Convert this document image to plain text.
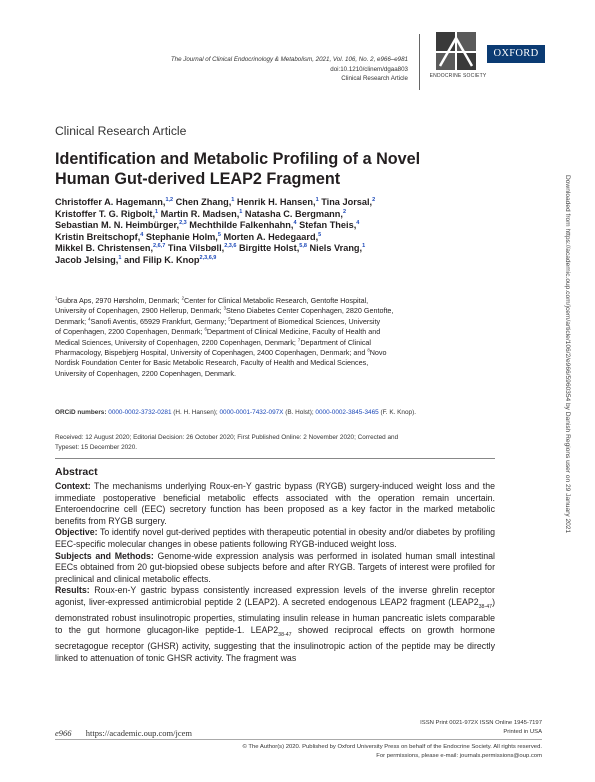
The Journal of Clinical Endocrinology & Metabolism, 2021, Vol. 106, No. 2, e966–e981
doi:10.1210/clinem/dgaa803
Clinical Research Article	ENDOCRINE SOCIETY
OXFORD
Clinical Research Article
Identification and Metabolic Profiling of a Novel
Human Gut-derived LEAP2 Fragment
Christoffer A. Hagemann,$^{1,2}$ Chen Zhang,$^1$ Henrik H. Hansen,$^1$ Tina Jorsal,$^2$
Kristoffer T. G. Rigbolt,$^1$ Martin R. Madsen,$^1$ Natasha C. Bergmann,$^2$
Sebastian M. N. Heimbürger,$^{2,3}$ Mechthilde Falkenhahn,$^4$ Stefan Theis,$^4$
Kristin Breitschopf,$^4$ Stephanie Holm,$^5$ Morten A. Hedegaard,$^5$
Mikkel B. Christensen,$^{2,6,7}$ Tina Vilsbøll,$^{2,3,6}$ Birgitte Holst,$^{5,8}$ Niels Vrang,$^1$
Jacob Jelsing,$^1$ and Filip K. Knop$^{2,3,6,9}$
$^1$Gubra Aps, 2970 Hørsholm, Denmark; $^2$Center for Clinical Metabolic Research, Gentofte Hospital,
University of Copenhagen, 2900 Hellerup, Denmark; $^3$Steno Diabetes Center Copenhagen, 2820 Gentofte,
Denmark; $^4$Sanofi Aventis, 65929 Frankfurt, Germany; $^5$Department of Biomedical Sciences, University
of Copenhagen, 2200 Copenhagen, Denmark; $^6$Department of Clinical Medicine, Faculty of Health and
Medical Sciences, University of Copenhagen, 2200 Copenhagen, Denmark; $^7$Department of Clinical
Pharmacology, Bispebjerg Hospital, University of Copenhagen, 2400 Copenhagen, Denmark; and $^8$Novo
Nordisk Foundation Center for Basic Metabolic Research, Faculty of Health and Medical Sciences,
University of Copenhagen, 2200 Copenhagen, Denmark.
ORCiD numbers: 0000-0002-3732-0281 (H. H. Hansen); 0000-0001-7432-097X (B. Holst); 0000-0002-3845-3465 (F. K. Knop).
Received: 12 August 2020; Editorial Decision: 26 October 2020; First Published Online: 2 November 2020; Corrected and
Typeset: 15 December 2020.
Abstract

Context: The mechanisms underlying Roux-en-Y gastric bypass (RYGB) surgery-induced weight loss and the immediate postoperative beneficial metabolic effects associated with the operation remain uncertain. Enteroendocrine cell (EEC) secretory function has been proposed as a key factor in the marked metabolic benefits from RYGB surgery.

Objective: To identify novel gut-derived peptides with therapeutic potential in obesity and/or diabetes by profiling EEC-specific molecular changes in obese patients following RYGB-induced weight loss.

Subjects and Methods: Genome-wide expression analysis was performed in isolated human small intestinal EECs obtained from 20 gut-biopsied obese subjects before and after RYGB. Targets of interest were profiled for preclinical and clinical metabolic effects.

Results: Roux-en-Y gastric bypass consistently increased expression levels of the inverse ghrelin receptor agonist, liver-expressed antimicrobial peptide 2 (LEAP2). A secreted endogenous LEAP2 fragment $(LEAP2_{38-47})$ demonstrated robust insulinotropic properties, stimulating insulin release in human pancreatic islets comparable to the gut hormone glucagon-like peptide-1. $LEAP2_{38-47}$ showed reciprocal effects on growth hormone secretagogue receptor (GHSR) activity, suggesting that the insulinotropic action of the peptide may be directly linked to attenuation of tonic GHSR activity. The fragment was

ISSN Print 0021-972X ISSN Online 1945-7197
Printed in USA
e966 https://academic.oup.com/jcem
© The Author(s) 2020. Published by Oxford University Press on behalf of the Endocrine Society. All rights reserved.
For permissions, please e-mail: journals.permissions@oup.com
Downloaded from https://academic.oup.com/jcem/article/106/2/e966/5960354 by Danish Regions user on 29 January 2021
